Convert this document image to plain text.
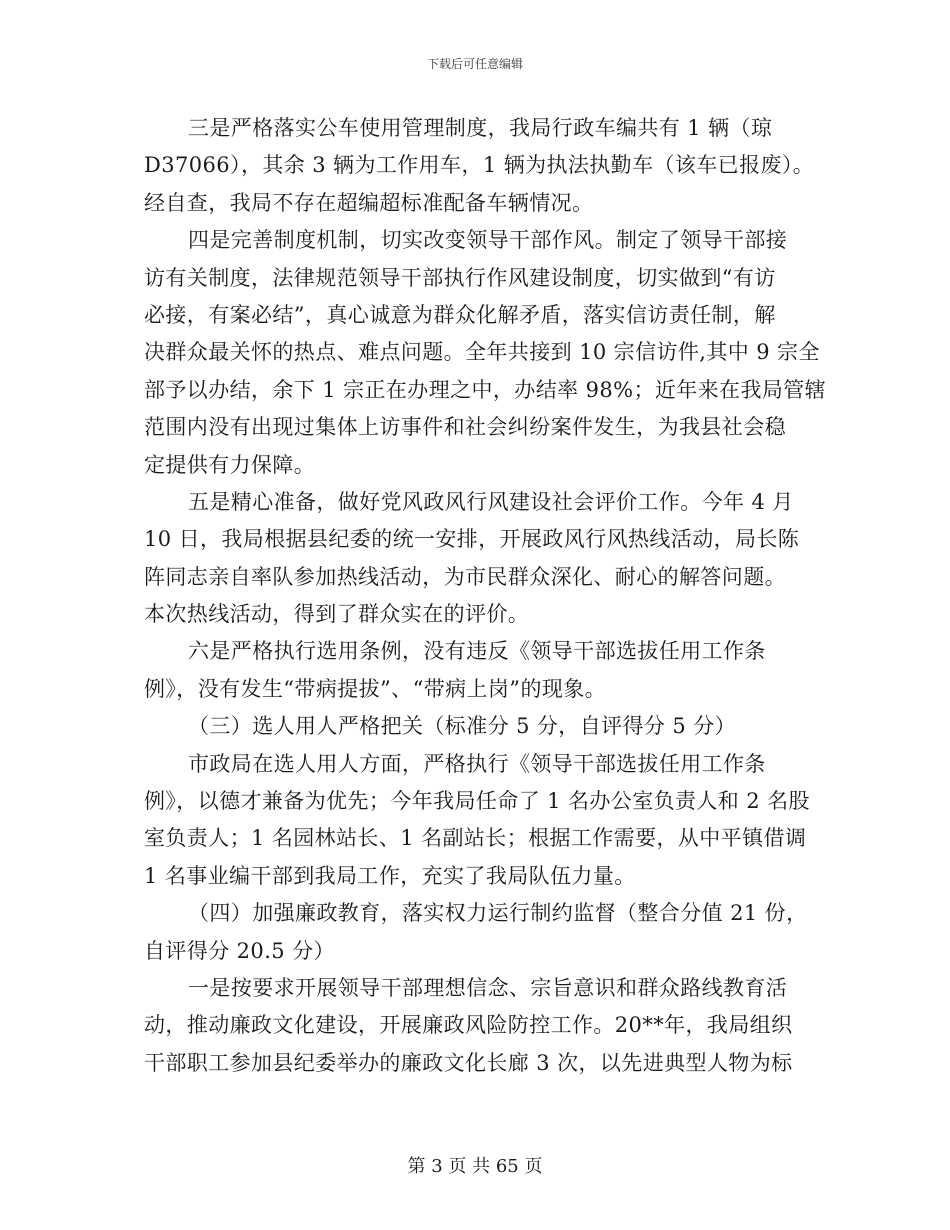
下载后可任意编辑
三是严格落实公车使用管理制度，我局行政车编共有 1 辆（琼
D37066），其余 3 辆为工作用车，1 辆为执法执勤车（该车已报废）。
经自查，我局不存在超编超标准配备车辆情况。
四是完善制度机制，切实改变领导干部作风。制定了领导干部接
访有关制度，法律规范领导干部执行作风建设制度，切实做到“有访
必接，有案必结”，真心诚意为群众化解矛盾，落实信访责任制，解
决群众最关怀的热点、难点问题。全年共接到 10 宗信访件,其中 9 宗全
部予以办结，余下 1 宗正在办理之中，办结率 98%；近年来在我局管辖
范围内没有出现过集体上访事件和社会纠纷案件发生，为我县社会稳
定提供有力保障。
五是精心准备，做好党风政风行风建设社会评价工作。今年 4 月
10 日，我局根据县纪委的统一安排，开展政风行风热线活动，局长陈
阵同志亲自率队参加热线活动，为市民群众深化、耐心的解答问题。
本次热线活动，得到了群众实在的评价。
六是严格执行选用条例，没有违反《领导干部选拔任用工作条
例》，没有发生“带病提拔”、“带病上岗”的现象。
（三）选人用人严格把关（标准分 5 分，自评得分 5 分）
市政局在选人用人方面，严格执行《领导干部选拔任用工作条
例》，以德才兼备为优先；今年我局任命了 1 名办公室负责人和 2 名股
室负责人；1 名园林站长、1 名副站长；根据工作需要，从中平镇借调
1 名事业编干部到我局工作，充实了我局队伍力量。
（四）加强廉政教育，落实权力运行制约监督（整合分值 21 份，
自评得分 20.5 分）
一是按要求开展领导干部理想信念、宗旨意识和群众路线教育活
动，推动廉政文化建设，开展廉政风险防控工作。20**年，我局组织
干部职工参加县纪委举办的廉政文化长廊 3 次，以先进典型人物为标
第 3 页 共 65 页
